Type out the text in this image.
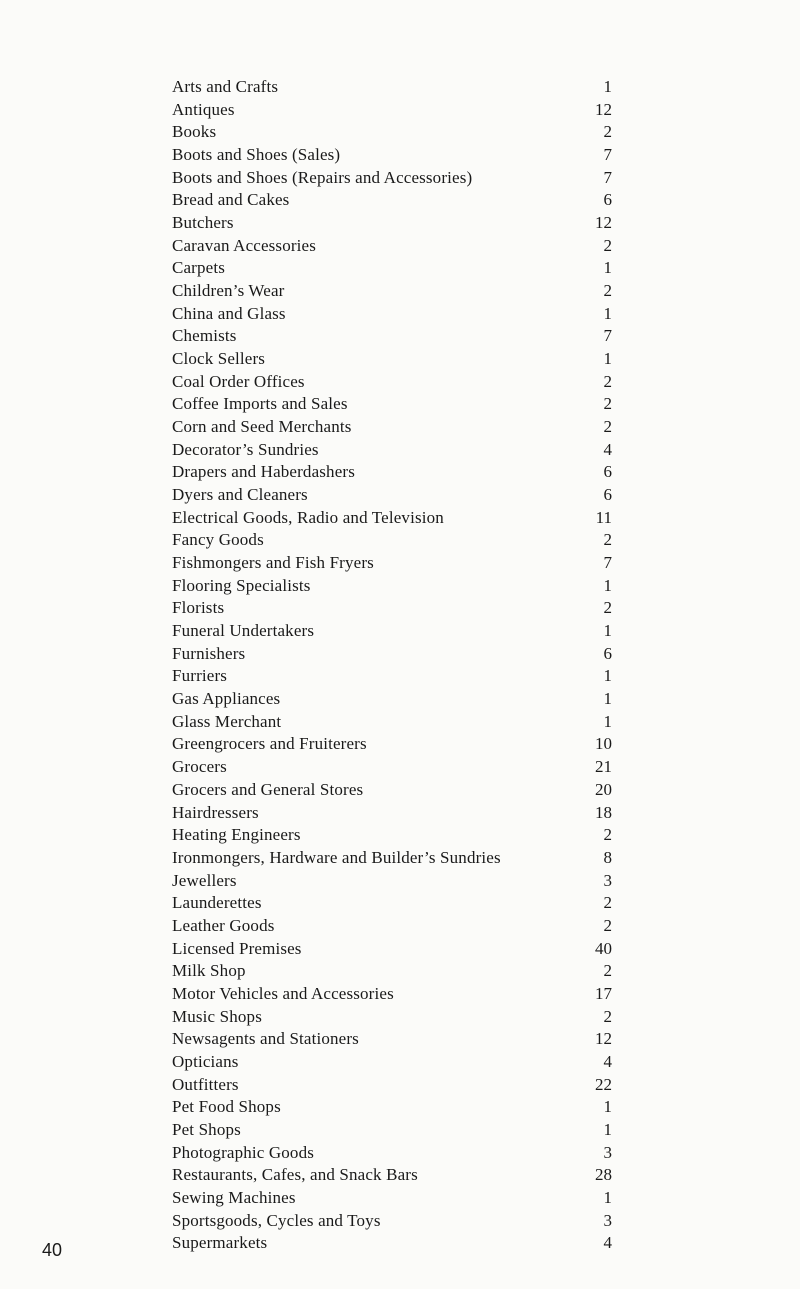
Arts and Crafts	1
Antiques	12
Books	2
Boots and Shoes (Sales)	7
Boots and Shoes (Repairs and Accessories)	7
Bread and Cakes	6
Butchers	12
Caravan Accessories	2
Carpets	1
Children’s Wear	2
China and Glass	1
Chemists	7
Clock Sellers	1
Coal Order Offices	2
Coffee Imports and Sales	2
Corn and Seed Merchants	2
Decorator’s Sundries	4
Drapers and Haberdashers	6
Dyers and Cleaners	6
Electrical Goods, Radio and Television	11
Fancy Goods	2
Fishmongers and Fish Fryers	7
Flooring Specialists	1
Florists	2
Funeral Undertakers	1
Furnishers	6
Furriers	1
Gas Appliances	1
Glass Merchant	1
Greengrocers and Fruiterers	10
Grocers	21
Grocers and General Stores	20
Hairdressers	18
Heating Engineers	2
Ironmongers, Hardware and Builder’s Sundries	8
Jewellers	3
Launderettes	2
Leather Goods	2
Licensed Premises	40
Milk Shop	2
Motor Vehicles and Accessories	17
Music Shops	2
Newsagents and Stationers	12
Opticians	4
Outfitters	22
Pet Food Shops	1
Pet Shops	1
Photographic Goods	3
Restaurants, Cafes, and Snack Bars	28
Sewing Machines	1
Sportsgoods, Cycles and Toys	3
Supermarkets	4
40
